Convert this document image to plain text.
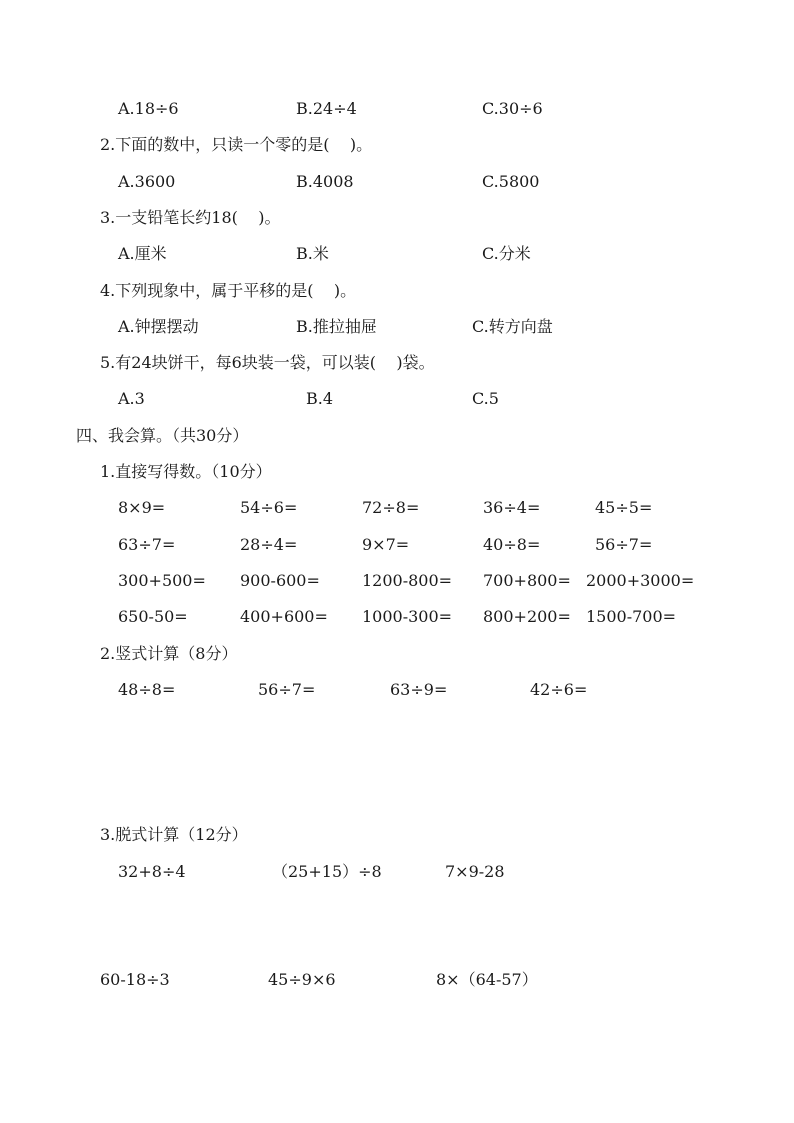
A.18÷6	B.24÷4	C.30÷6
2.下面的数中，只读一个零的是(    )。
A.3600	B.4008	C.5800
3.一支铅笔长约18(    )。
A.厘米	B.米	C.分米
4.下列现象中，属于平移的是(    )。
A.钟摆摆动	B.推拉抽屉	C.转方向盘
5.有24块饼干，每6块装一袋，可以装(    )袋。
A.3	B.4	C.5
四、我会算。（共30分）
1.直接写得数。（10分）
8×9=	54÷6=	72÷8=	36÷4=	45÷5=
63÷7=	28÷4=	9×7=	40÷8=	56÷7=
300+500= 900-600=	1200-800= 700+800= 2000+3000=
650-50=	400+600= 1000-300= 800+200= 1500-700=
2.竖式计算（8分）
48÷8=	56÷7=	63÷9=	42÷6=
3.脱式计算（12分）
32+8÷4	（25+15）÷8	7×9-28
60-18÷3	45÷9×6	8×（64-57）
